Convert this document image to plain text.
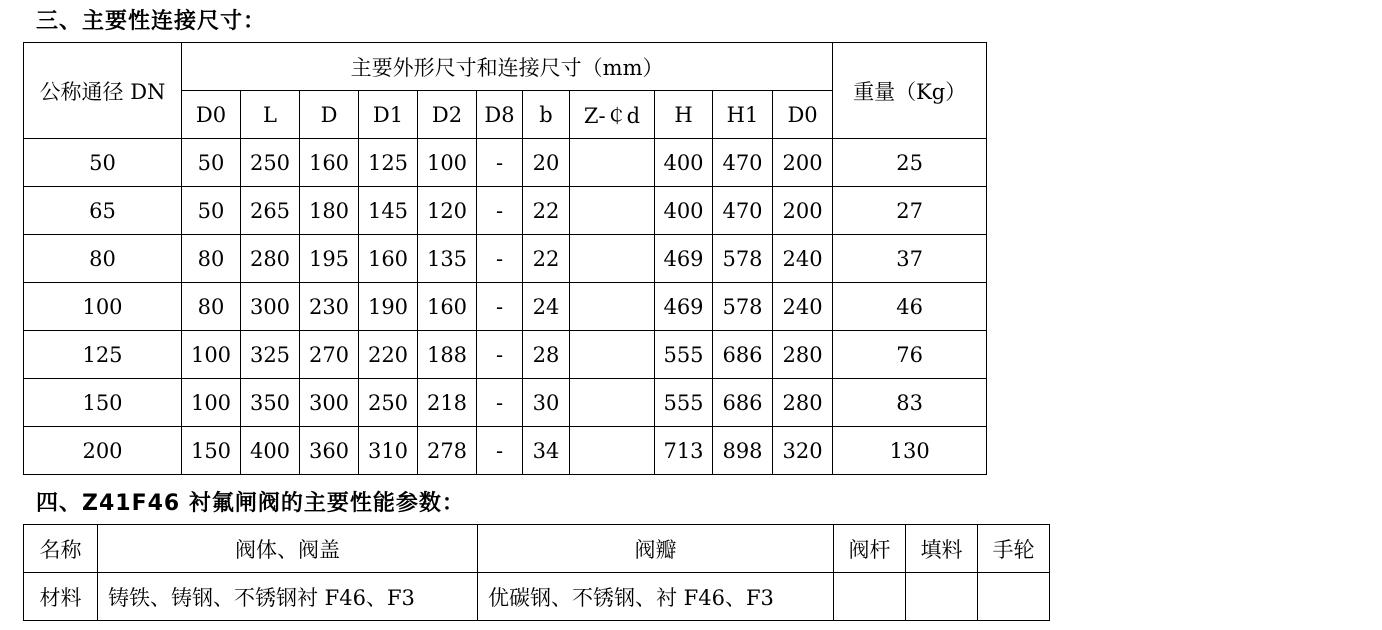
三、主要性连接尺寸：
公称通径 DN	主要外形尺寸和连接尺寸（mm）											重量（Kg）
	D0	L	D	D1	D2	D8	b	Z-￠d	H	H1	D0	
50	50	250	160	125	100	-	20		400	470	200	25
65	50	265	180	145	120	-	22		400	470	200	27
80	80	280	195	160	135	-	22		469	578	240	37
100	80	300	230	190	160	-	24		469	578	240	46
125	100	325	270	220	188	-	28		555	686	280	76
150	100	350	300	250	218	-	30		555	686	280	83
200	150	400	360	310	278	-	34		713	898	320	130
四、Z41F46 衬氟闸阀的主要性能参数：
名称	阀体、阀盖	阀瓣	阀杆	填料	手轮
材料	铸铁、铸钢、不锈钢衬 F46、F3	优碳钢、不锈钢、衬 F46、F3			
